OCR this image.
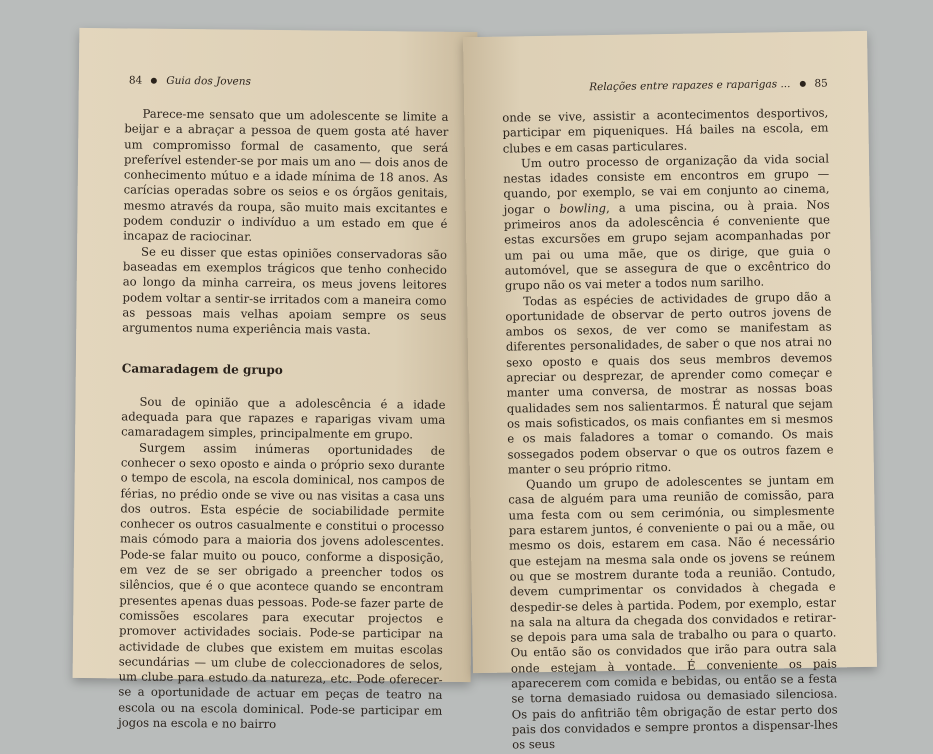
84 Guia dos Jovens

Parece-me sensato que um adolescente se limite a beijar e a abraçar a pessoa de quem gosta até haver um compromisso formal de casamento, que será preferível estender-se por mais um ano — dois anos de conhecimento mútuo e a idade mínima de 18 anos. As carícias operadas sobre os seios e os órgãos genitais, mesmo através da roupa, são muito mais excitantes e podem conduzir o indivíduo a um estado em que é incapaz de raciocinar.

Se eu disser que estas opiniões conservadoras são baseadas em exemplos trágicos que tenho conhecido ao longo da minha carreira, os meus jovens leitores podem voltar a sentir-se irritados com a maneira como as pessoas mais velhas apoiam sempre os seus argumentos numa experiência mais vasta.

Camaradagem de grupo

Sou de opinião que a adolescência é a idade adequada para que rapazes e raparigas vivam uma camaradagem simples, principalmente em grupo.

Surgem assim inúmeras oportunidades de conhecer o sexo oposto e ainda o próprio sexo durante o tempo de escola, na escola dominical, nos campos de férias, no prédio onde se vive ou nas visitas a casa uns dos outros. Esta espécie de sociabilidade permite conhecer os outros casualmente e constitui o processo mais cómodo para a maioria dos jovens adolescentes. Pode-se falar muito ou pouco, conforme a disposição, em vez de se ser obrigado a preencher todos os silêncios, que é o que acontece quando se encontram presentes apenas duas pessoas. Pode-se fazer parte de comissões escolares para executar projectos e promover actividades sociais. Pode-se participar na actividade de clubes que existem em muitas escolas secundárias — um clube de coleccionadores de selos, um clube para estudo da natureza, etc. Pode oferecer-se a oportunidade de actuar em peças de teatro na escola ou na escola dominical. Pode-se participar em jogos na escola e no bairro

Relações entre rapazes e raparigas ... 85

onde se vive, assistir a acontecimentos desportivos, participar em piqueniques. Há bailes na escola, em clubes e em casas particulares.

Um outro processo de organização da vida social nestas idades consiste em encontros em grupo — quando, por exemplo, se vai em conjunto ao cinema, jogar o bowling, a uma piscina, ou à praia. Nos primeiros anos da adolescência é conveniente que estas excursões em grupo sejam acompanhadas por um pai ou uma mãe, que os dirige, que guia o automóvel, que se assegura de que o excêntrico do grupo não os vai meter a todos num sarilho.

Todas as espécies de actividades de grupo dão a oportunidade de observar de perto outros jovens de ambos os sexos, de ver como se manifestam as diferentes personalidades, de saber o que nos atrai no sexo oposto e quais dos seus membros devemos apreciar ou desprezar, de aprender como começar e manter uma conversa, de mostrar as nossas boas qualidades sem nos salientarmos. É natural que sejam os mais sofisticados, os mais confiantes em si mesmos e os mais faladores a tomar o comando. Os mais sossegados podem observar o que os outros fazem e manter o seu próprio ritmo.

Quando um grupo de adolescentes se juntam em casa de alguém para uma reunião de comissão, para uma festa com ou sem cerimónia, ou simplesmente para estarem juntos, é conveniente o pai ou a mãe, ou mesmo os dois, estarem em casa. Não é necessário que estejam na mesma sala onde os jovens se reúnem ou que se mostrem durante toda a reunião. Contudo, devem cumprimentar os convidados à chegada e despedir-se deles à partida. Podem, por exemplo, estar na sala na altura da chegada dos convidados e retirar-se depois para uma sala de trabalho ou para o quarto. Ou então são os convidados que irão para outra sala onde estejam à vontade. É conveniente os pais aparecerem com comida e bebidas, ou então se a festa se torna demasiado ruidosa ou demasiado silenciosa. Os pais do anfitrião têm obrigação de estar perto dos pais dos convidados e sempre prontos a dispensar-lhes os seus
